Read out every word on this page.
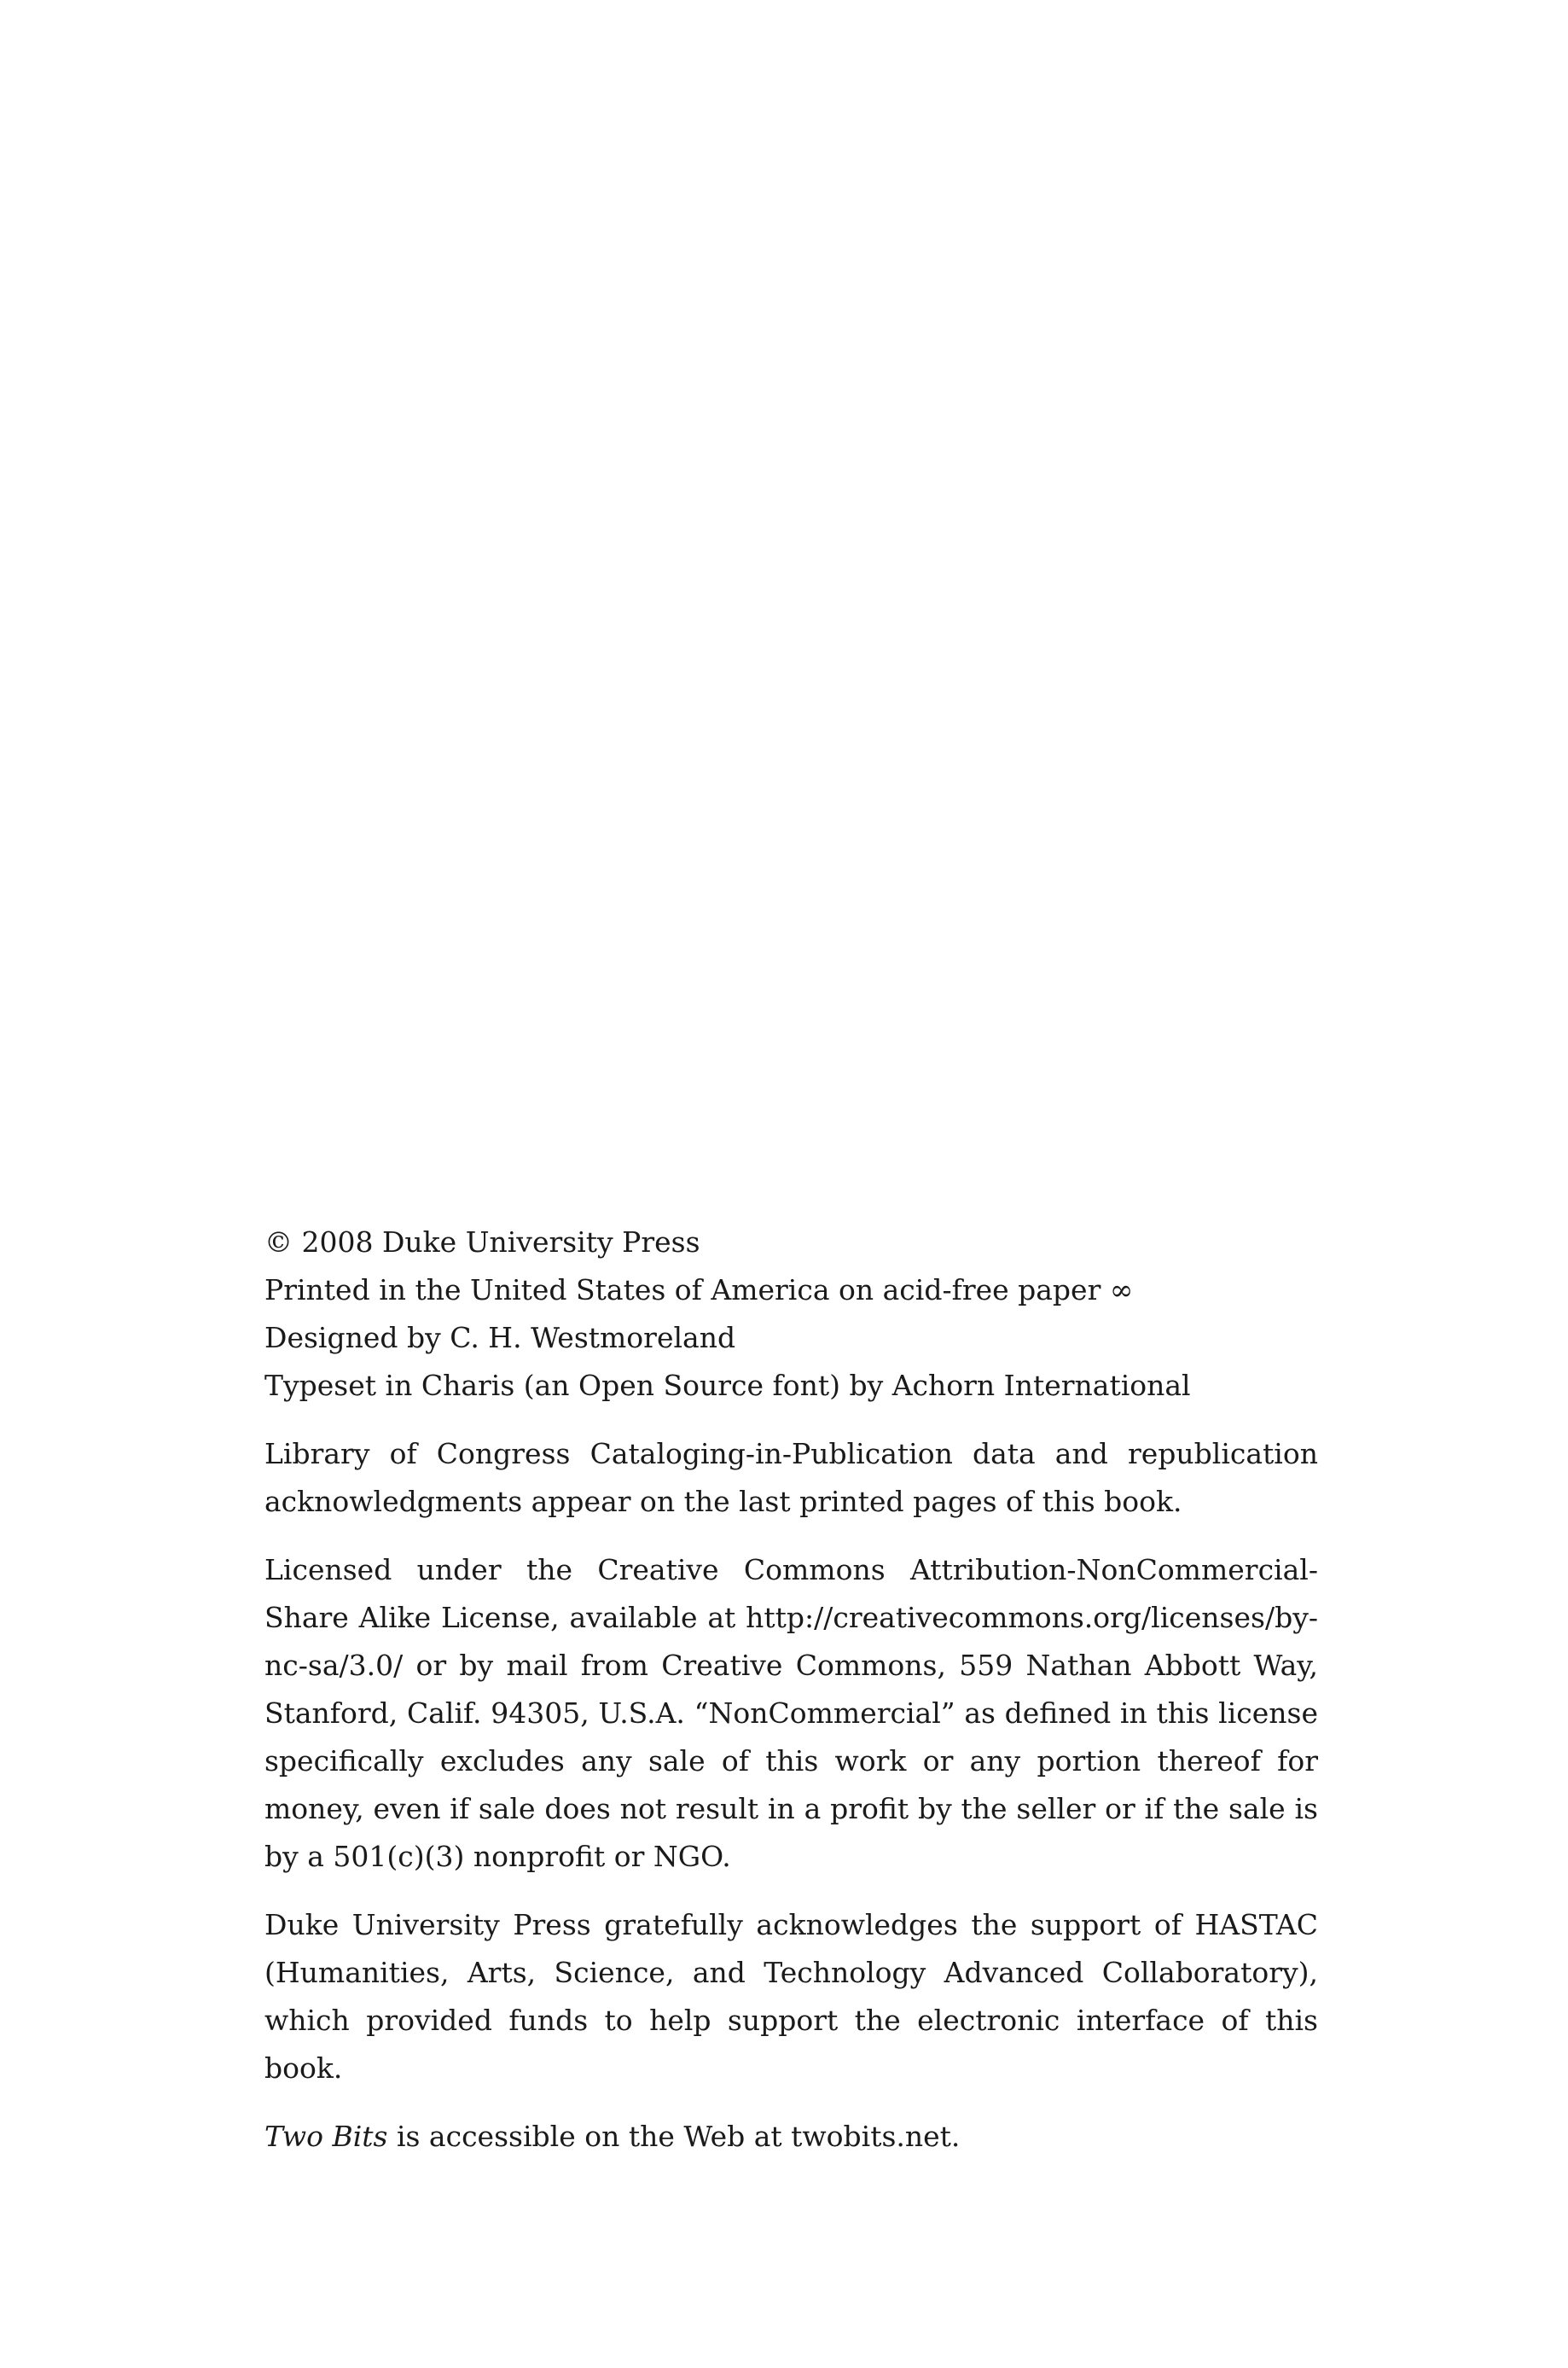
© 2008 Duke University Press
Printed in the United States of America on acid-free paper ∞
Designed by C. H. Westmoreland
Typeset in Charis (an Open Source font) by Achorn International

Library of Congress Cataloging-in-Publication data and republication acknowledgments appear on the last printed pages of this book.

Licensed under the Creative Commons Attribution-NonCommercial-Share Alike License, available at http://creativecommons.org/licenses/by-nc-sa/3.0/ or by mail from Creative Commons, 559 Nathan Abbott Way, Stanford, Calif. 94305, U.S.A. “NonCommercial” as defined in this license specifically excludes any sale of this work or any portion thereof for money, even if sale does not result in a profit by the seller or if the sale is by a 501(c)(3) nonprofit or NGO.

Duke University Press gratefully acknowledges the support of HASTAC (Humanities, Arts, Science, and Technology Advanced Collaboratory), which provided funds to help support the electronic interface of this book.

Two Bits is accessible on the Web at twobits.net.
